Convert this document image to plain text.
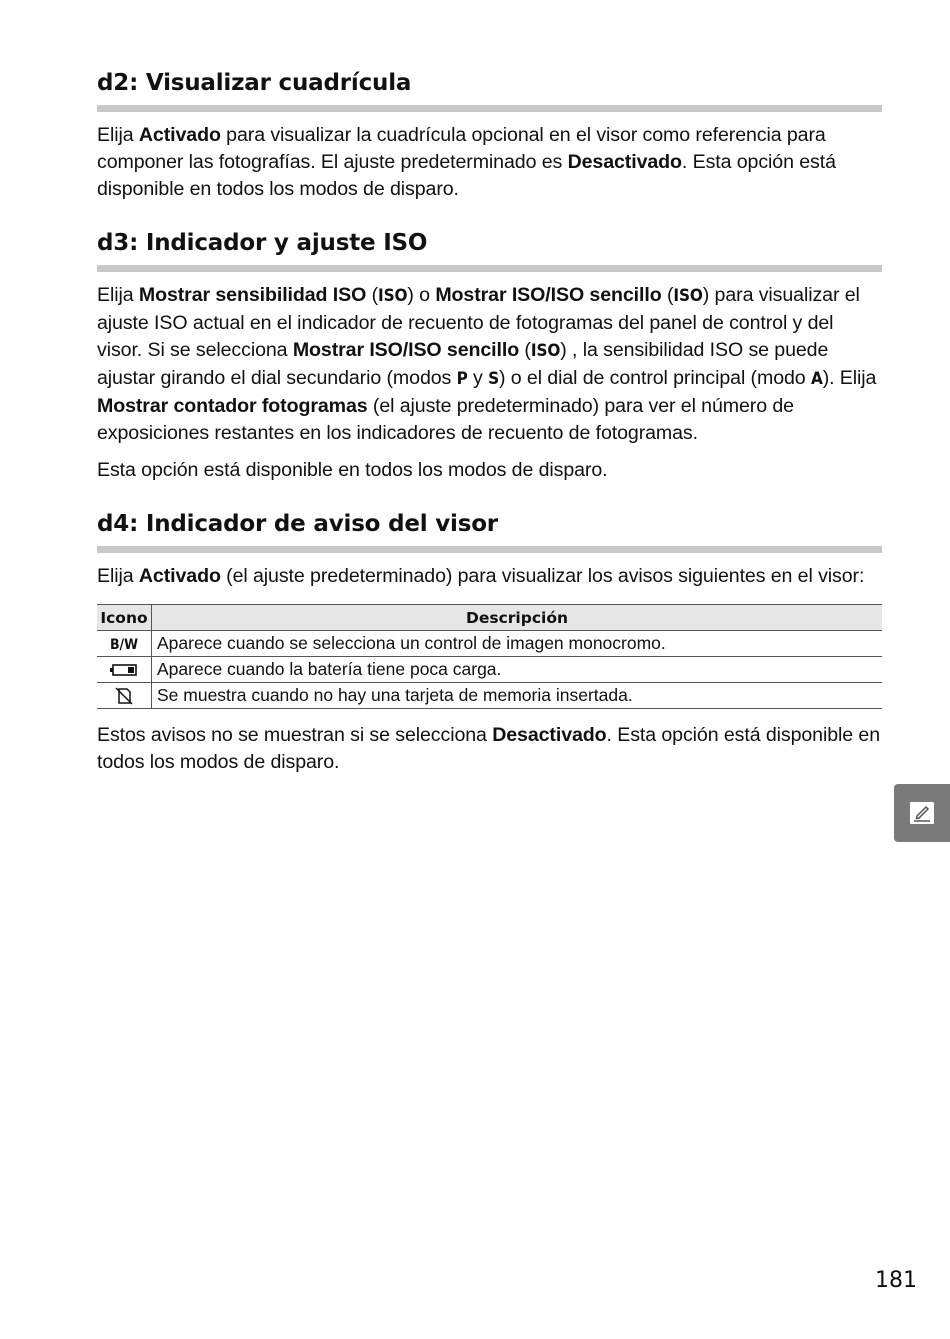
d2: Visualizar cuadrícula

Elija Activado para visualizar la cuadrícula opcional en el visor como referencia para componer las fotografías. El ajuste predeterminado es Desactivado. Esta opción está disponible en todos los modos de disparo.

d3: Indicador y ajuste ISO

Elija Mostrar sensibilidad ISO (ISO) o Mostrar ISO/ISO sencillo (ISO) para visualizar el ajuste ISO actual en el indicador de recuento de fotogramas del panel de control y del visor. Si se selecciona Mostrar ISO/ISO sencillo (ISO) , la sensibilidad ISO se puede ajustar girando el dial secundario (modos P y S) o el dial de control principal (modo A). Elija Mostrar contador fotogramas (el ajuste predeterminado) para ver el número de exposiciones restantes en los indicadores de recuento de fotogramas.

Esta opción está disponible en todos los modos de disparo.

d4: Indicador de aviso del visor

Elija Activado (el ajuste predeterminado) para visualizar los avisos siguientes en el visor:

Icono	Descripción
B/W	Aparece cuando se selecciona un control de imagen monocromo.
	Aparece cuando la batería tiene poca carga.
	Se muestra cuando no hay una tarjeta de memoria insertada.

Estos avisos no se muestran si se selecciona Desactivado. Esta opción está disponible en todos los modos de disparo.

181
